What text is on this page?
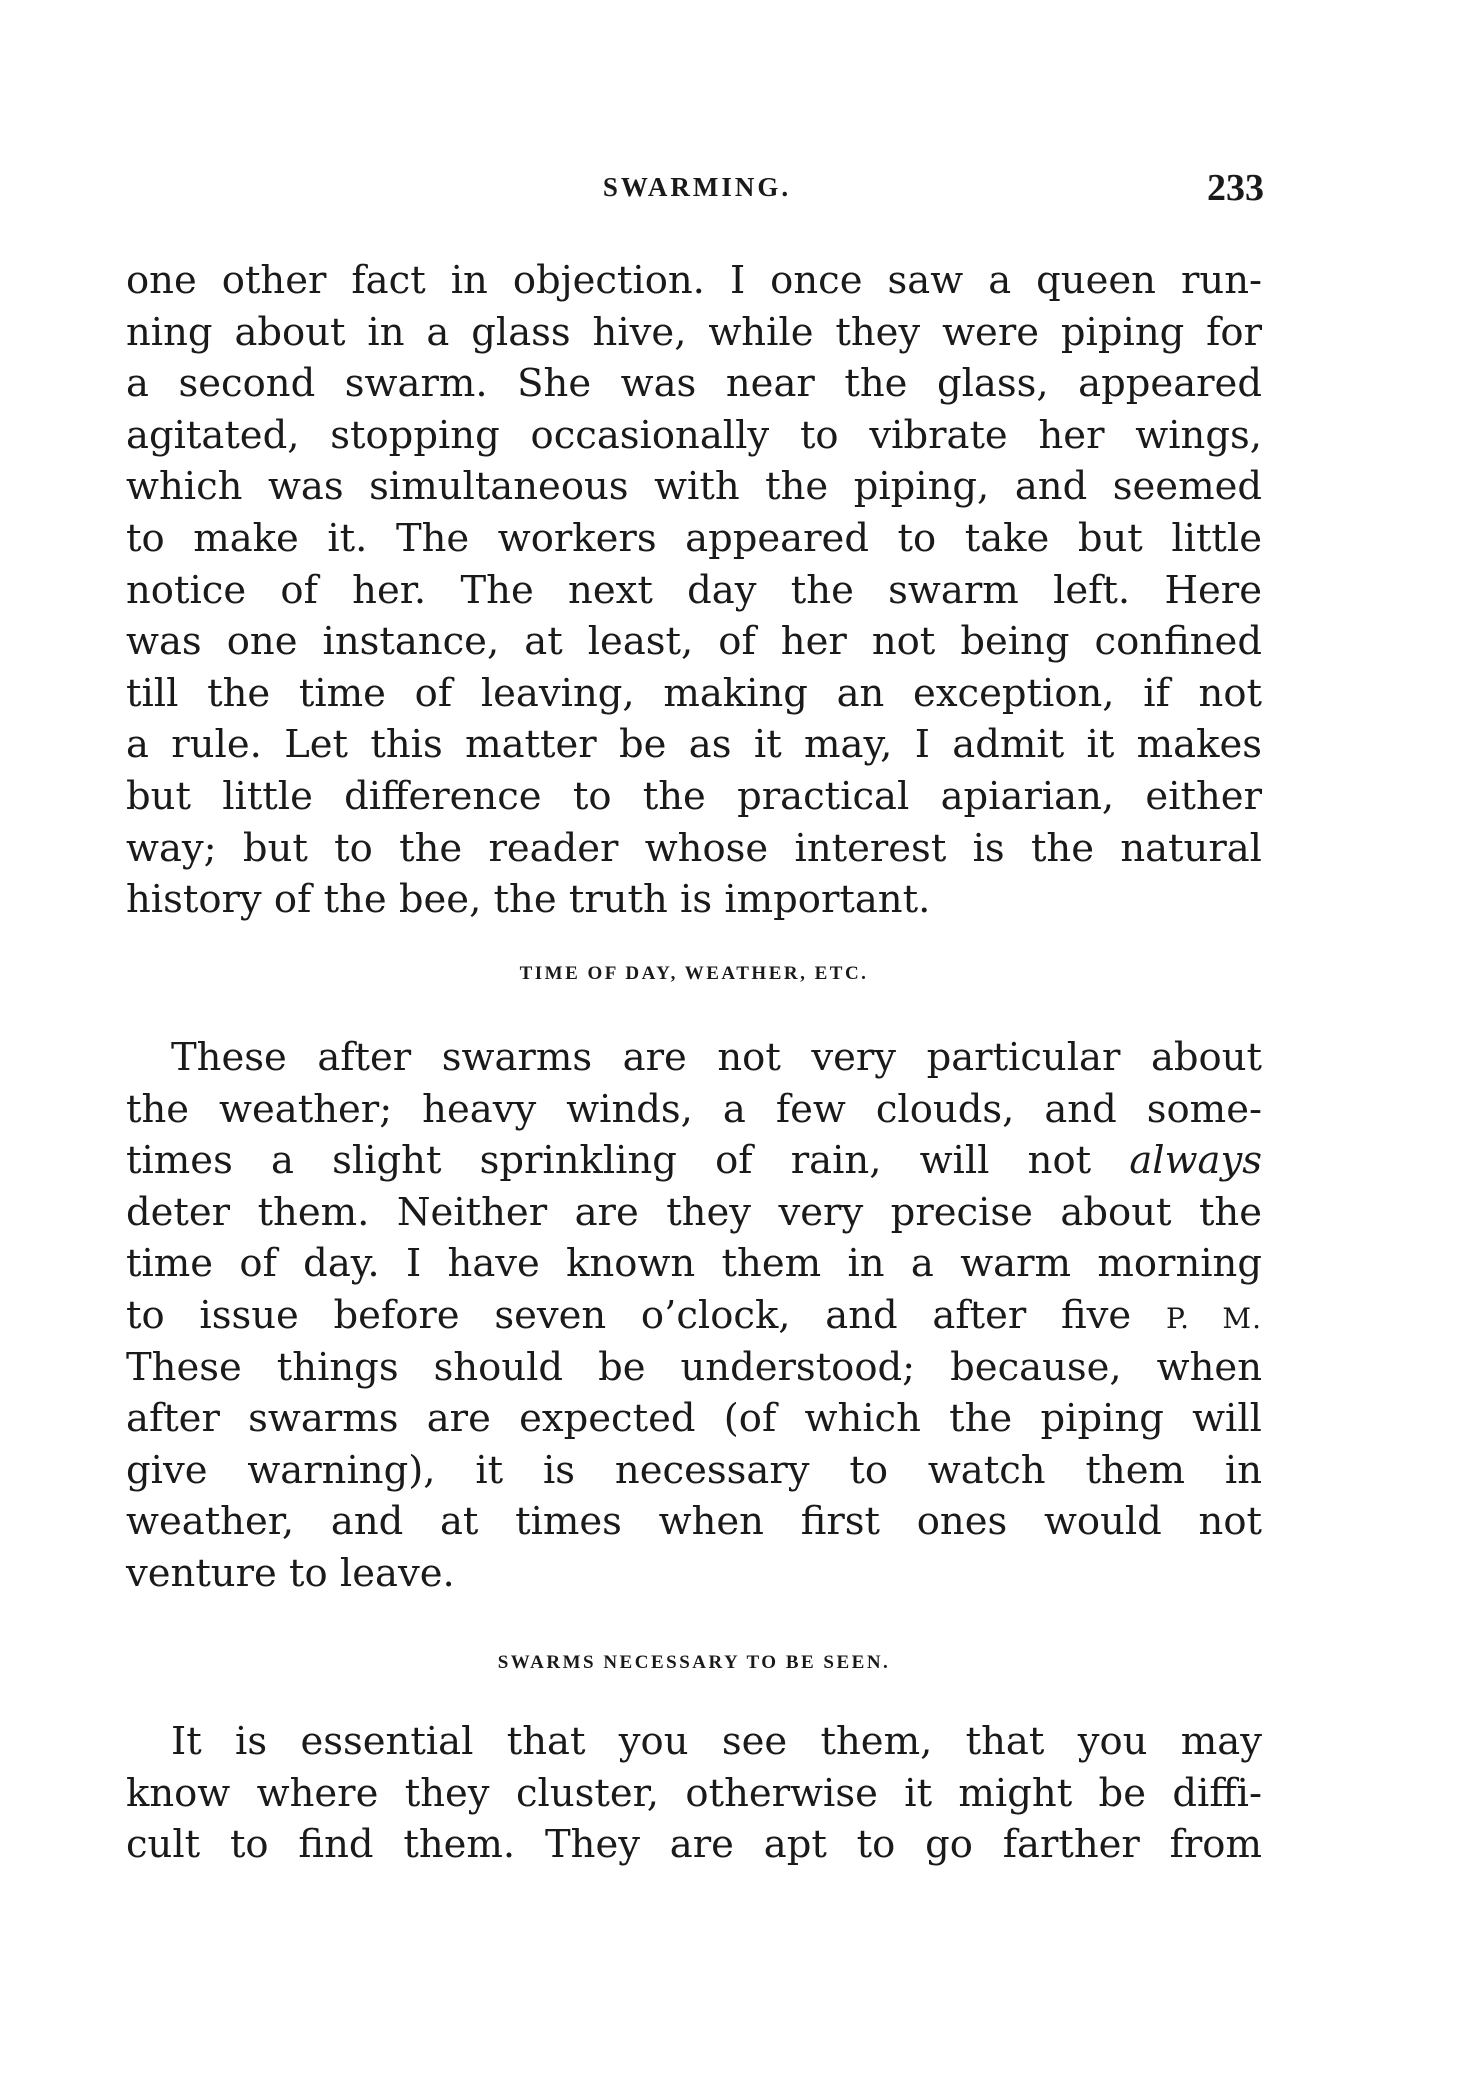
SWARMING.	233
one other fact in objection. I once saw a queen run-
ning about in a glass hive, while they were piping for
a second swarm. She was near the glass, appeared
agitated, stopping occasionally to vibrate her wings,
which was simultaneous with the piping, and seemed
to make it. The workers appeared to take but little
notice of her. The next day the swarm left. Here
was one instance, at least, of her not being confined
till the time of leaving, making an exception, if not
a rule. Let this matter be as it may, I admit it makes
but little difference to the practical apiarian, either
way; but to the reader whose interest is the natural
history of the bee, the truth is important.
TIME OF DAY, WEATHER, ETC.
These after swarms are not very particular about
the weather; heavy winds, a few clouds, and some-
times a slight sprinkling of rain, will not always
deter them. Neither are they very precise about the
time of day. I have known them in a warm morning
to issue before seven o’clock, and after five P. M.
These things should be understood; because, when
after swarms are expected (of which the piping will
give warning), it is necessary to watch them in
weather, and at times when first ones would not
venture to leave.
SWARMS NECESSARY TO BE SEEN.
It is essential that you see them, that you may
know where they cluster, otherwise it might be diffi-
cult to find them. They are apt to go farther from
